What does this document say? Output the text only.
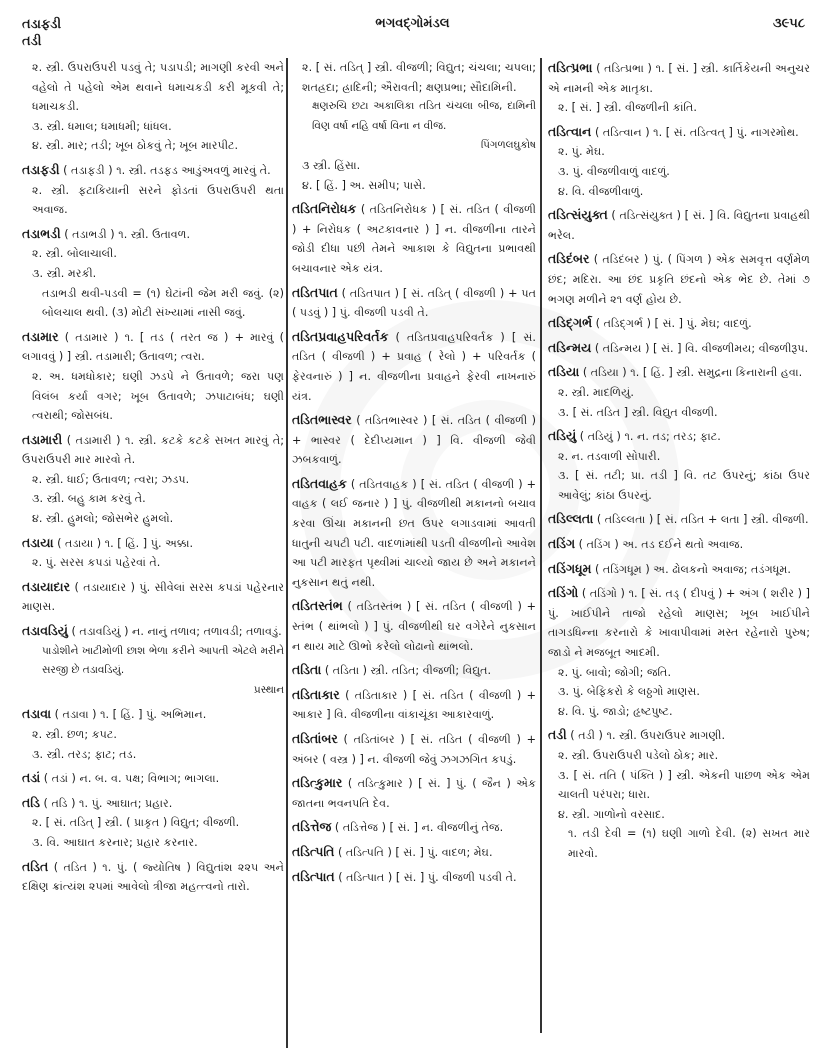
તડાફડી
તડી
ભગવદ્ગોમંડલ	૩૯૫૮
૨. સ્ત્રી. ઉપરાઉપરી પડવું તે; પડાપડી; માગણી કરવી અને વહેલો તે પહેલો એમ થવાને ધમાચકડી કરી મૂકવી તે; ધમાચકડી.
૩. સ્ત્રી. ધમાલ; ધમાધમી; ધાંધલ.
૪. સ્ત્રી. માર; તડી; ખૂબ ઠોકવું તે; ખૂબ મારપીટ.
તડાફડી ( તડાફડી ) ૧. સ્ત્રી. તડફડ આડુંઅવળું મારવું તે.
૨. સ્ત્રી. ફટાકિયાની સરને ફોડતાં ઉપરાઉપરી થતા અવાજ.
તડાભડી ( તડાભડી ) ૧. સ્ત્રી. ઉતાવળ.
૨. સ્ત્રી. બોલાચાલી.
૩. સ્ત્રી. મરકી.
તડાભડી થવી-પડવી = (૧) ઘેટાંની જેમ મરી જવું. (૨) બોલચાલ થવી. (૩) મોટી સંખ્યામાં નાસી જવું.
તડામાર ( તડામાર ) ૧. [ તડ ( તરત જ ) + મારવું ( લગાવવું ) ] સ્ત્રી. તડામારી; ઉતાવળ; ત્વરા.
૨. અ. ધમધોકાર; ઘણી ઝડપે ને ઉતાવળે; જરા પણ વિલંબ કર્યા વગર; ખૂબ ઉતાવળે; ઝપાટાબંધ; ઘણી ત્વરાથી; જોસબંધ.
તડામારી ( તડામારી ) ૧. સ્ત્રી. કટકે કટકે સખત મારવું તે; ઉપરાઉપરી માર મારવો તે.
૨. સ્ત્રી. ધાઈ; ઉતાવળ; ત્વરા; ઝડપ.
૩. સ્ત્રી. બહુ કામ કરવું તે.
૪. સ્ત્રી. હુમલો; જોસભેર હુમલો.
તડાયા ( તડાયા ) ૧. [ હિં. ] પું. અક્કા.
૨. પું. સરસ કપડાં પહેરવાં તે.
તડાયાદાર ( તડાયાદાર ) પું. સીવેલાં સરસ કપડાં પહેરનાર માણસ.
તડાવડિયું ( તડાવડિયું ) ન. નાનું તળાવ; તળાવડી; તળાવડું.
પાડોશીને ખાટીમોળી છાશ ભેળા કરીને આપતી એટલે મરીને સરજી છે તડાવડિયું.
પ્રસ્થાન
તડાવા ( તડાવા ) ૧. [ હિં. ] પું. અભિમાન.
૨. સ્ત્રી. છળ; કપટ.
૩. સ્ત્રી. તરડ; ફાટ; તડ.
તડાં ( તડાં ) ન. બ. વ. પક્ષ; વિભાગ; ભાગલા.
તડિ ( તડિ ) ૧. પું. આઘાત; પ્રહાર.
૨. [ સં. તડિત્ ] સ્ત્રી. ( પ્રાકૃત ) વિદ્યુત; વીજળી.
૩. વિ. આઘાત કરનાર; પ્રહાર કરનાર.
તડિત ( તડિત ) ૧. પું. ( જ્યોતિષ ) વિદ્યુતાંશ ૨૨૫ અને દક્ષિણ ક્રાંત્યંશ ૨૫માં આવેલો ત્રીજા મહત્ત્વનો તારો.
૨. [ સં. તડિત્ ] સ્ત્રી. વીજળી; વિદ્યુત; ચંચલા; ચપલા; શતહ્રદા; હ્રાદિની; ઐરાવતી; ક્ષણપ્રભા; સૌદામિની.
ક્ષણરુચિ છટા અકાલિકા તડિત ચંચલા બીજ, દામિની વિણ વર્ષા નહિ વર્ષા વિના ન વીજ.
પિંગળલઘુકોષ
૩ સ્ત્રી. હિંસા.
૪. [ હિં. ] અ. સમીપ; પાસે.
તડિતનિરોધક ( તડિતનિરોધક ) [ સં. તડિત ( વીજળી ) + નિરોધક ( અટકાવનાર ) ] ન. વીજળીના તારને જોડી દીધા પછી તેમને આકાશ કે વિદ્યુતના પ્રભાવથી બચાવનાર એક યંત્ર.
તડિતપાત ( તડિતપાત ) [ સં. તડિત્ ( વીજળી ) + પત ( પડવું ) ] પું. વીજળી પડવી તે.
તડિતપ્રવાહપરિવર્તક ( તડિતપ્રવાહપરિવર્તક ) [ સં. તડિત ( વીજળી ) + પ્રવાહ ( રેલો ) + પરિવર્તક ( ફેરવનારું ) ] ન. વીજળીના પ્રવાહને ફેરવી નાખનારું યંત્ર.
તડિતભાસ્વર ( તડિતભાસ્વર ) [ સં. તડિત ( વીજળી ) + ભાસ્વર ( દેદીપ્યમાન ) ] વિ. વીજળી જેવી ઝબકવાળું.
તડિતવાહક ( તડિતવાહક ) [ સં. તડિત ( વીજળી ) + વાહક ( લઈ જનાર ) ] પું. વીજળીથી મકાનનો બચાવ કરવા ઊંચા મકાનની છત ઉપર લગાડવામાં આવતી ધાતુની ચપટી પટી. વાદળાંમાંથી પડતી વીજળીનો આવેશ આ પટી મારફત પૃથ્વીમાં ચાલ્યો જાય છે અને મકાનને નુકસાન થતું નથી.
તડિતસ્તંભ ( તડિતસ્તંભ ) [ સં. તડિત ( વીજળી ) + સ્તંભ ( થાંભલો ) ] પું. વીજળીથી ઘર વગેરેને નુકસાન ન થાય માટે ઊભો કરેલો લોઢાનો થાંભલો.
તડિતા ( તડિતા ) સ્ત્રી. તડિત; વીજળી; વિદ્યુત.
તડિતાકાર ( તડિતાકાર ) [ સં. તડિત ( વીજળી ) + આકાર ] વિ. વીજળીના વાંકાચૂંકા આકારવાળું.
તડિતાંબર ( તડિતાંબર ) [ સં. તડિત ( વીજળી ) + અંબર ( વસ્ત્ર ) ] ન. વીજળી જેવું ઝગઝગિત કપડું.
તડિત્કુમાર ( તડિત્કુમાર ) [ સં. ] પું. ( જૈન ) એક જાતના ભવનપતિ દેવ.
તડિત્તેજ ( તડિત્તેજ ) [ સં. ] ન. વીજળીનું તેજ.
તડિત્પતિ ( તડિત્પતિ ) [ સં. ] પું. વાદળ; મેઘ.
તડિત્પાત ( તડિત્પાત ) [ સં. ] પું. વીજળી પડવી તે.
તડિત્પ્રભા ( તડિત્પ્રભા ) ૧. [ સં. ] સ્ત્રી. કાર્તિકેયની અનુચર એ નામની એક માતૃકા.
૨. [ સં. ] સ્ત્રી. વીજળીની કાંતિ.
તડિત્વાન ( તડિત્વાન ) ૧. [ સં. તડિત્વત્ ] પું. નાગરમોથ.
૨. પું. મેઘ.
૩. પું. વીજળીવાળું વાદળું.
૪. વિ. વીજળીવાળું.
તડિત્સંયુક્ત ( તડિત્સંયુક્ત ) [ સં. ] વિ. વિદ્યુતના પ્રવાહથી ભરેલ.
તડિદંબર ( તડિદંબર ) પું. ( પિંગળ ) એક સમવૃત્ત વર્ણમેળ છંદ; મદિરા. આ છંદ પ્રકૃતિ છંદનો એક ભેદ છે. તેમાં ૭ ભગણ મળીને ૨૧ વર્ણ હોય છે.
તડિદ્ગર્ભ ( તડિદ્ગર્ભ ) [ સં. ] પું. મેઘ; વાદળું.
તડિન્મય ( તડિન્મય ) [ સં. ] વિ. વીજળીમય; વીજળીરૂપ.
તડિયા ( તડિયા ) ૧. [ હિં. ] સ્ત્રી. સમુદ્રના કિનારાની હવા.
૨. સ્ત્રી. માદળિયું.
૩. [ સં. તડિત ] સ્ત્રી. વિદ્યુત વીજળી.
તડિયું ( તડિયું ) ૧. ન. તડ; તરડ; ફાટ.
૨. ન. તડવાળી સોપારી.
૩. [ સં. તટી; પ્રા. તડી ] વિ. તટ ઉપરનું; કાંઠા ઉપર આવેલું; કાંઠા ઉપરનું.
તડિલ્લતા ( તડિલ્લતા ) [ સં. તડિત + લતા ] સ્ત્રી. વીજળી.
તડિંગ ( તડિંગ ) અ. તડ દઈને થતો અવાજ.
તડિંગધૂમ ( તડિંગધૂમ ) અ. ઢોલકનો અવાજ; તડંગધૂમ.
તડિંગો ( તડિંગો ) ૧. [ સં. તડ્ ( દીપવું ) + અંગ ( શરીર ) ] પું. ખાઈપીને તાજો રહેલો માણસ; ખૂબ ખાઈપીને તાગડધિન્ના કરનારો કે ખાવાપીવામાં મસ્ત રહેનારો પુરુષ; જાડો ને મજબૂત આદમી.
૨. પું. બાવો; જોગી; જતિ.
૩. પું. બેફિકરો કે લઠ્ઠગો માણસ.
૪. વિ. પું. જાડો; હૃષ્ટપુષ્ટ.
તડી ( તડી ) ૧. સ્ત્રી. ઉપરાઉપર માગણી.
૨. સ્ત્રી. ઉપરાઉપરી પડેલો ઠોક; માર.
૩. [ સં. તતિ ( પંક્તિ ) ] સ્ત્રી. એકની પાછળ એક એમ ચાલતી પરંપરા; ધારા.
૪. સ્ત્રી. ગાળોનો વરસાદ.
૧. તડી દેવી = (૧) ઘણી ગાળો દેવી. (૨) સખત માર મારવો.
